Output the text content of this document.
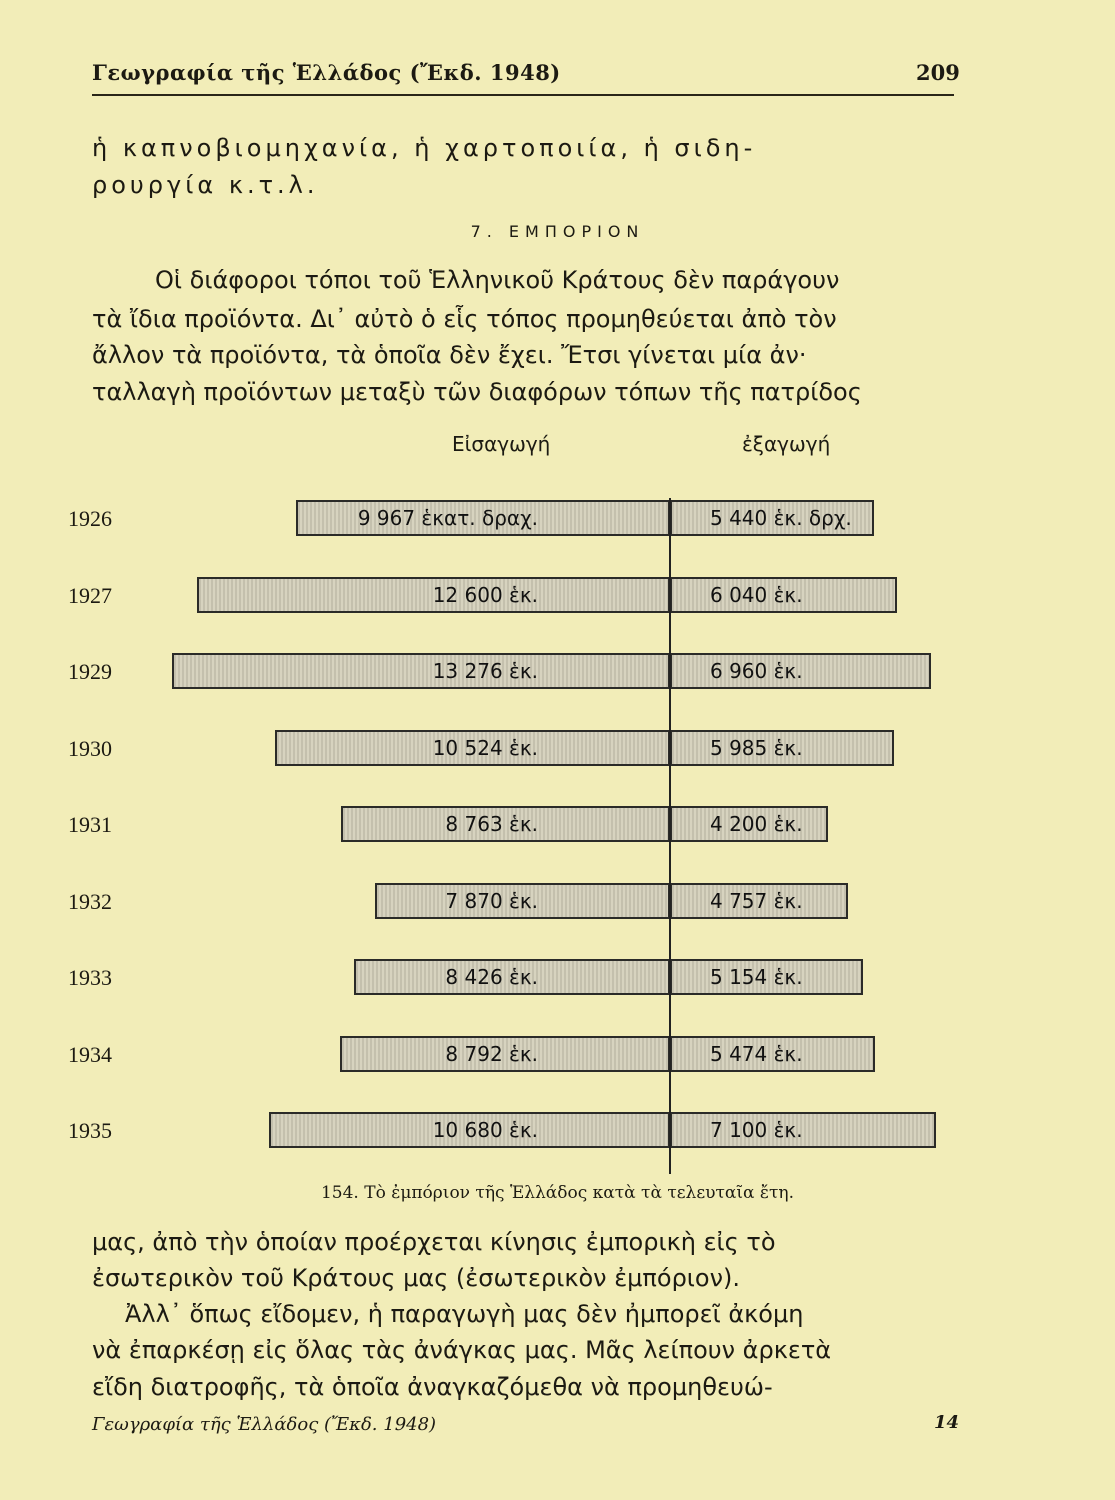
Γεωγραφία τῆς Ἑλλάδος (Ἔκδ. 1948)	209
ἡ καπνοβιομηχανία, ἡ χαρτοποιία, ἡ σιδη-
ρουργία κ.τ.λ.
7. ΕΜΠΟΡΙΟΝ
Οἱ διάφοροι τόποι τοῦ Ἑλληνικοῦ Κράτους δὲν παράγουν
τὰ ἴδια προϊόντα. Δι᾽ αὐτὸ ὁ εἷς τόπος προμηθεύεται ἀπὸ τὸν
ἄλλον τὰ προϊόντα, τὰ ὁποῖα δὲν ἔχει. Ἔτσι γίνεται μία ἀν·
ταλλαγὴ προϊόντων μεταξὺ τῶν διαφόρων τόπων τῆς πατρίδος
Εἰσαγωγή	ἐξαγωγή
1926	9 967 ἑκατ. δραχ.	5 440 ἑκ. δρχ.
1927	12 600 ἑκ.	6 040 ἑκ.
1929	13 276 ἑκ.	6 960 ἑκ.
1930	10 524 ἑκ.	5 985 ἑκ.
1931	8 763 ἑκ.	4 200 ἑκ.
1932	7 870 ἑκ.	4 757 ἑκ.
1933	8 426 ἑκ.	5 154 ἑκ.
1934	8 792 ἑκ.	5 474 ἑκ.
1935	10 680 ἑκ.	7 100 ἑκ.
154. Τὸ ἐμπόριον τῆς Ἑλλάδος κατὰ τὰ τελευταῖα ἔτη.
μας, ἀπὸ τὴν ὁποίαν προέρχεται κίνησις ἐμπορικὴ εἰς τὸ
ἐσωτερικὸν τοῦ Κράτους μας (ἐσωτερικὸν ἐμπόριον).
Ἀλλ᾽ ὅπως εἴδομεν, ἡ παραγωγὴ μας δὲν ἠμπορεῖ ἀκόμη
νὰ ἐπαρκέσῃ εἰς ὅλας τὰς ἀνάγκας μας. Μᾶς λείπουν ἀρκετὰ
εἴδη διατροφῆς, τὰ ὁποῖα ἀναγκαζόμεθα νὰ προμηθευώ-
Γεωγραφία τῆς Ἑλλάδος (Ἔκδ. 1948)	14
